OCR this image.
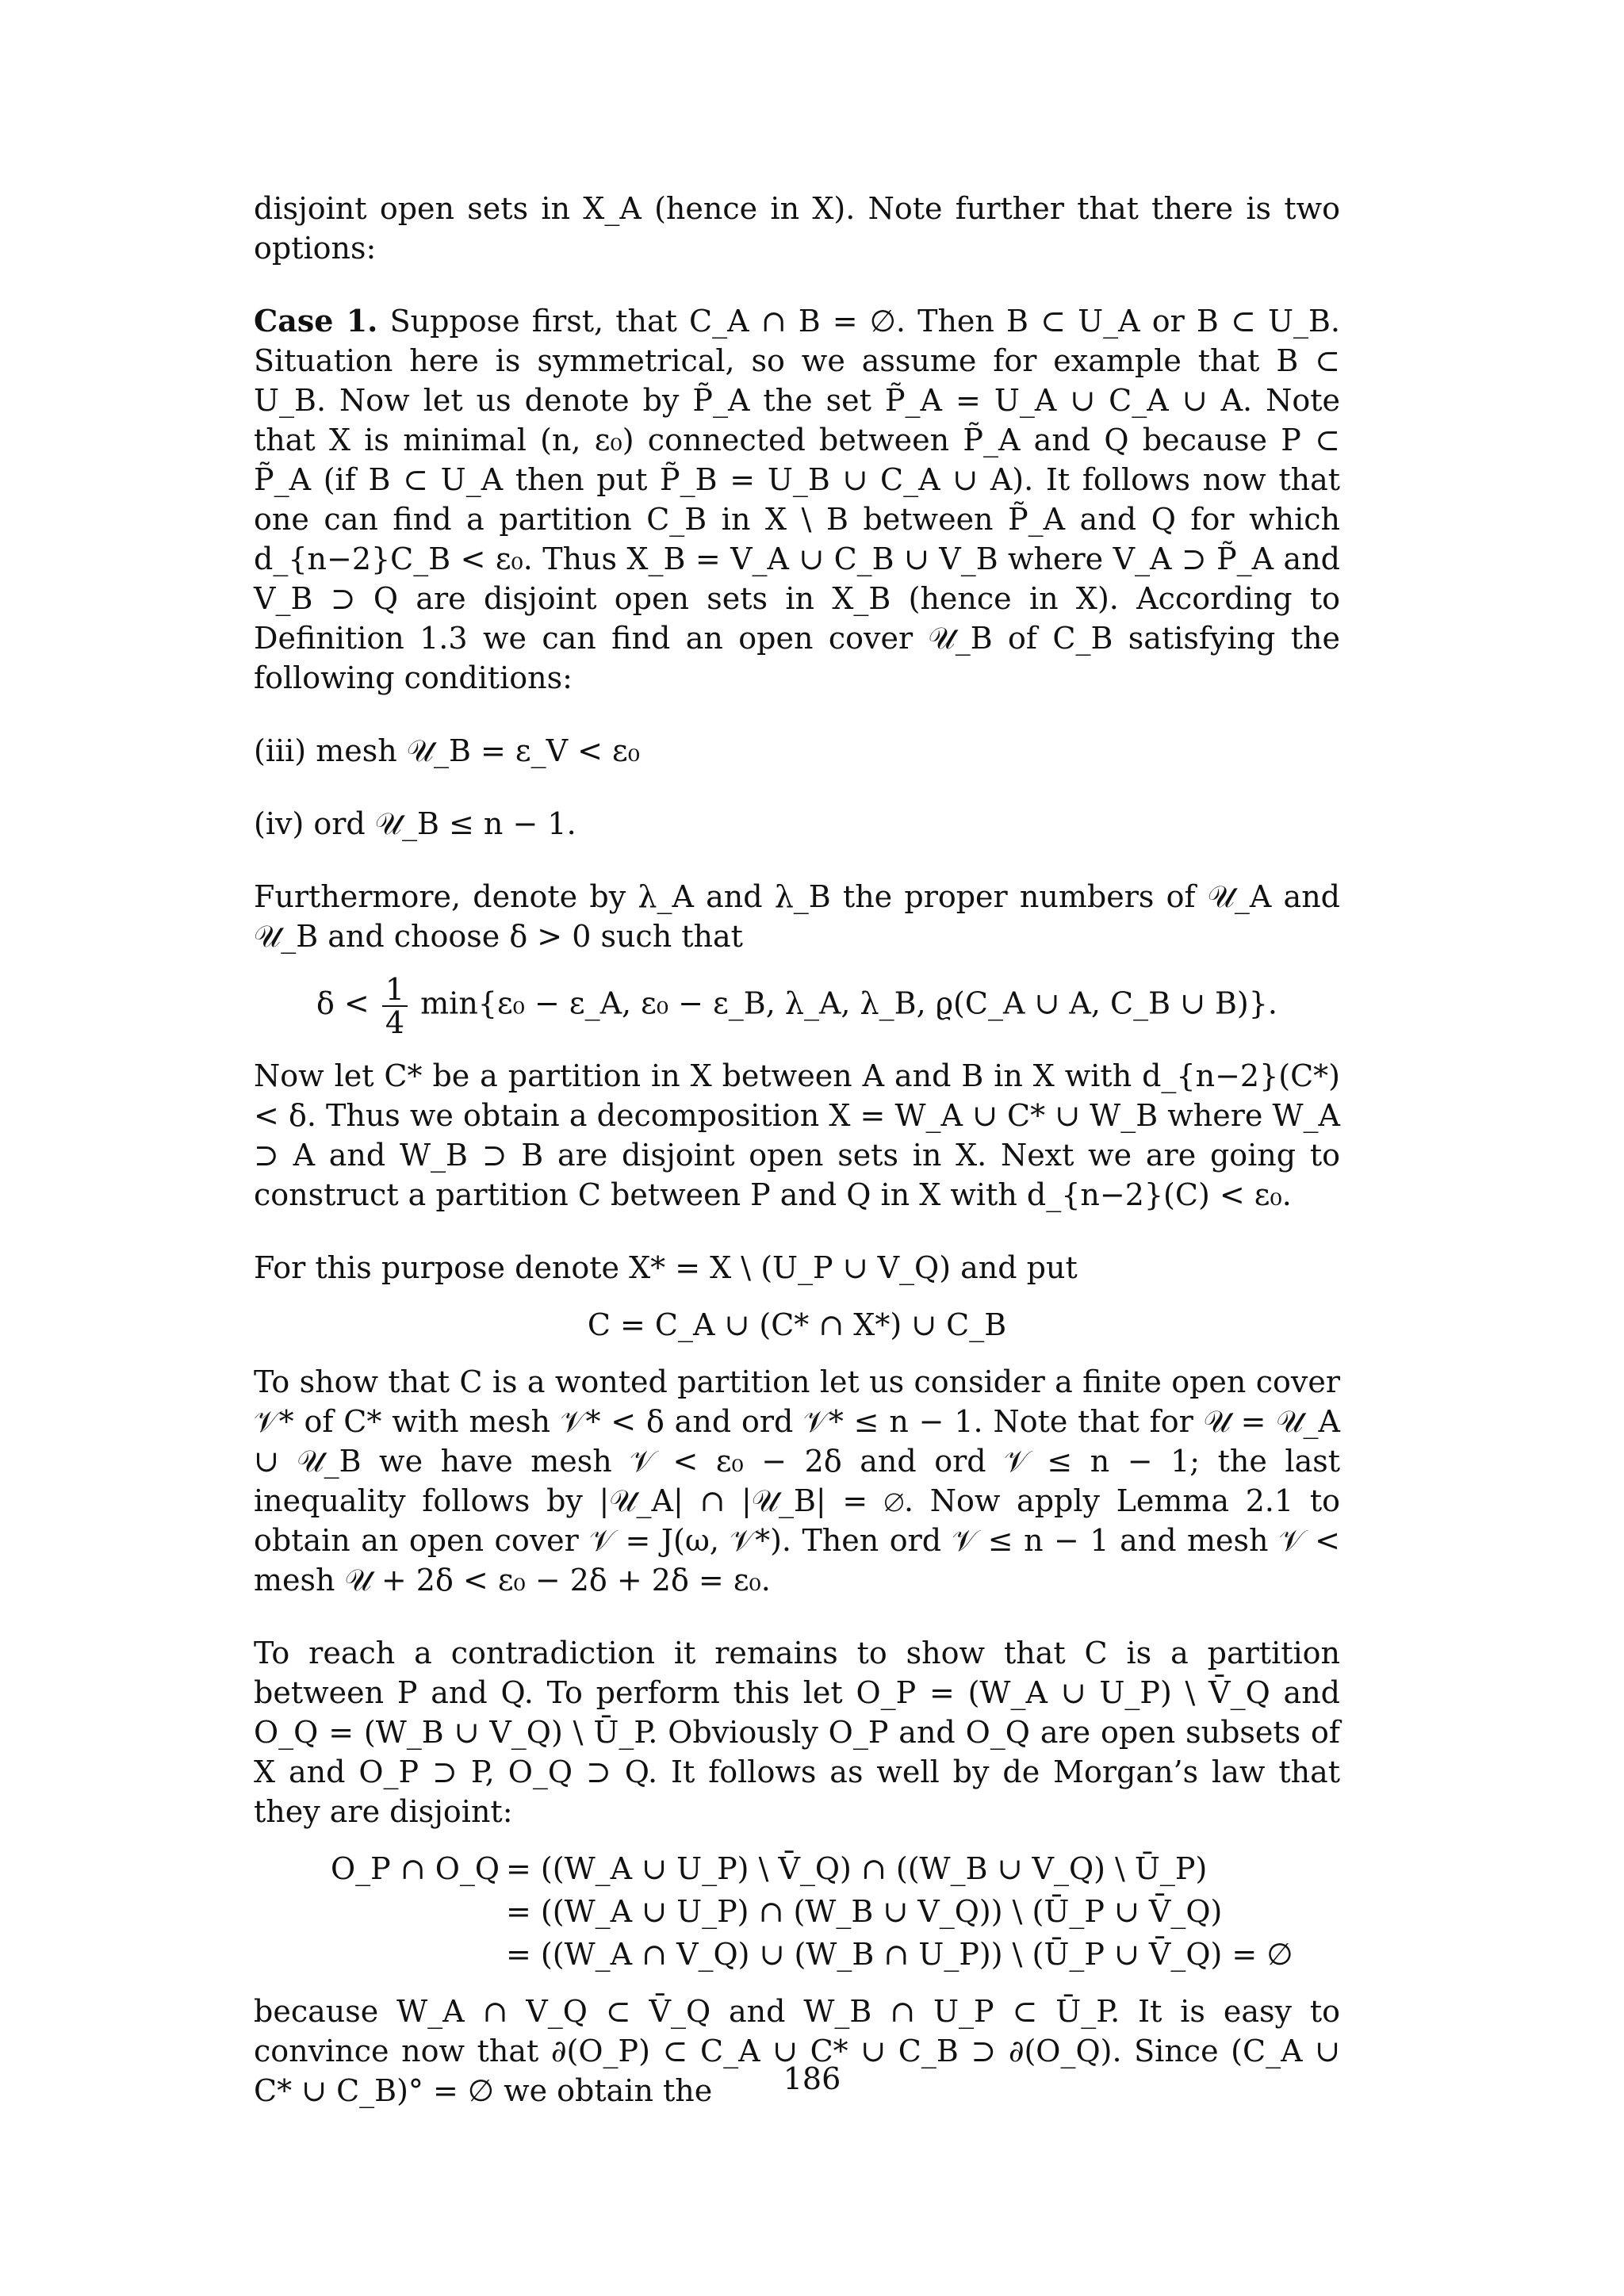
disjoint open sets in X_A (hence in X). Note further that there is two options:

Case 1. Suppose first, that C_A ∩ B = ∅. Then B ⊂ U_A or B ⊂ U_B. Situation here is symmetrical, so we assume for example that B ⊂ U_B. Now let us denote by P̃_A the set P̃_A = U_A ∪ C_A ∪ A. Note that X is minimal (n, ε₀) connected between P̃_A and Q because P ⊂ P̃_A (if B ⊂ U_A then put P̃_B = U_B ∪ C_A ∪ A). It follows now that one can find a partition C_B in X \ B between P̃_A and Q for which d_{n−2}C_B < ε₀. Thus X_B = V_A ∪ C_B ∪ V_B where V_A ⊃ P̃_A and V_B ⊃ Q are disjoint open sets in X_B (hence in X). According to Definition 1.3 we can find an open cover 𝒰_B of C_B satisfying the following conditions:

(iii) mesh 𝒰_B = ε_V < ε₀

(iv) ord 𝒰_B ≤ n − 1.

Furthermore, denote by λ_A and λ_B the proper numbers of 𝒰_A and 𝒰_B and choose δ > 0 such that

$\delta < \frac{1}{4} \min\{\varepsilon_0$ − ε_A, ε₀ − ε_B, λ_A, λ_B, ϱ(C_A ∪ A, C_B ∪ B)}.

Now let C* be a partition in X between A and B in X with d_{n−2}(C*) < δ. Thus we obtain a decomposition X = W_A ∪ C* ∪ W_B where W_A ⊃ A and W_B ⊃ B are disjoint open sets in X. Next we are going to construct a partition C between P and Q in X with d_{n−2}(C) < ε₀.

For this purpose denote X* = X \ (U_P ∪ V_Q) and put

C = C_A ∪ (C* ∩ X*) ∪ C_B

To show that C is a wonted partition let us consider a finite open cover 𝒱* of C* with mesh 𝒱* < δ and ord 𝒱* ≤ n − 1. Note that for 𝒰 = 𝒰_A ∪ 𝒰_B we have mesh 𝒱 < ε₀ − 2δ and ord 𝒱 ≤ n − 1; the last inequality follows by |𝒰_A| ∩ |𝒰_B| = ∅. Now apply Lemma 2.1 to obtain an open cover 𝒱 = J(ω, 𝒱*). Then ord 𝒱 ≤ n − 1 and mesh 𝒱 < mesh 𝒰 + 2δ < ε₀ − 2δ + 2δ = ε₀.

To reach a contradiction it remains to show that C is a partition between P and Q. To perform this let O_P = (W_A ∪ U_P) \ V̄_Q and O_Q = (W_B ∪ V_Q) \ Ū_P. Obviously O_P and O_Q are open subsets of X and O_P ⊃ P, O_Q ⊃ Q. It follows as well by de Morgan’s law that they are disjoint:

O_P ∩ O_Q = ((W_A ∪ U_P) \ V̄_Q) ∩ ((W_B ∪ V_Q) \ Ū_P)
= ((W_A ∪ U_P) ∩ (W_B ∪ V_Q)) \ (Ū_P ∪ V̄_Q)
= ((W_A ∩ V_Q) ∪ (W_B ∩ U_P)) \ (Ū_P ∪ V̄_Q) = ∅

because W_A ∩ V_Q ⊂ V̄_Q and W_B ∩ U_P ⊂ Ū_P. It is easy to convince now that ∂(O_P) ⊂ C_A ∪ C* ∪ C_B ⊃ ∂(O_Q). Since (C_A ∪ C* ∪ C_B)° = ∅ we obtain the	186
